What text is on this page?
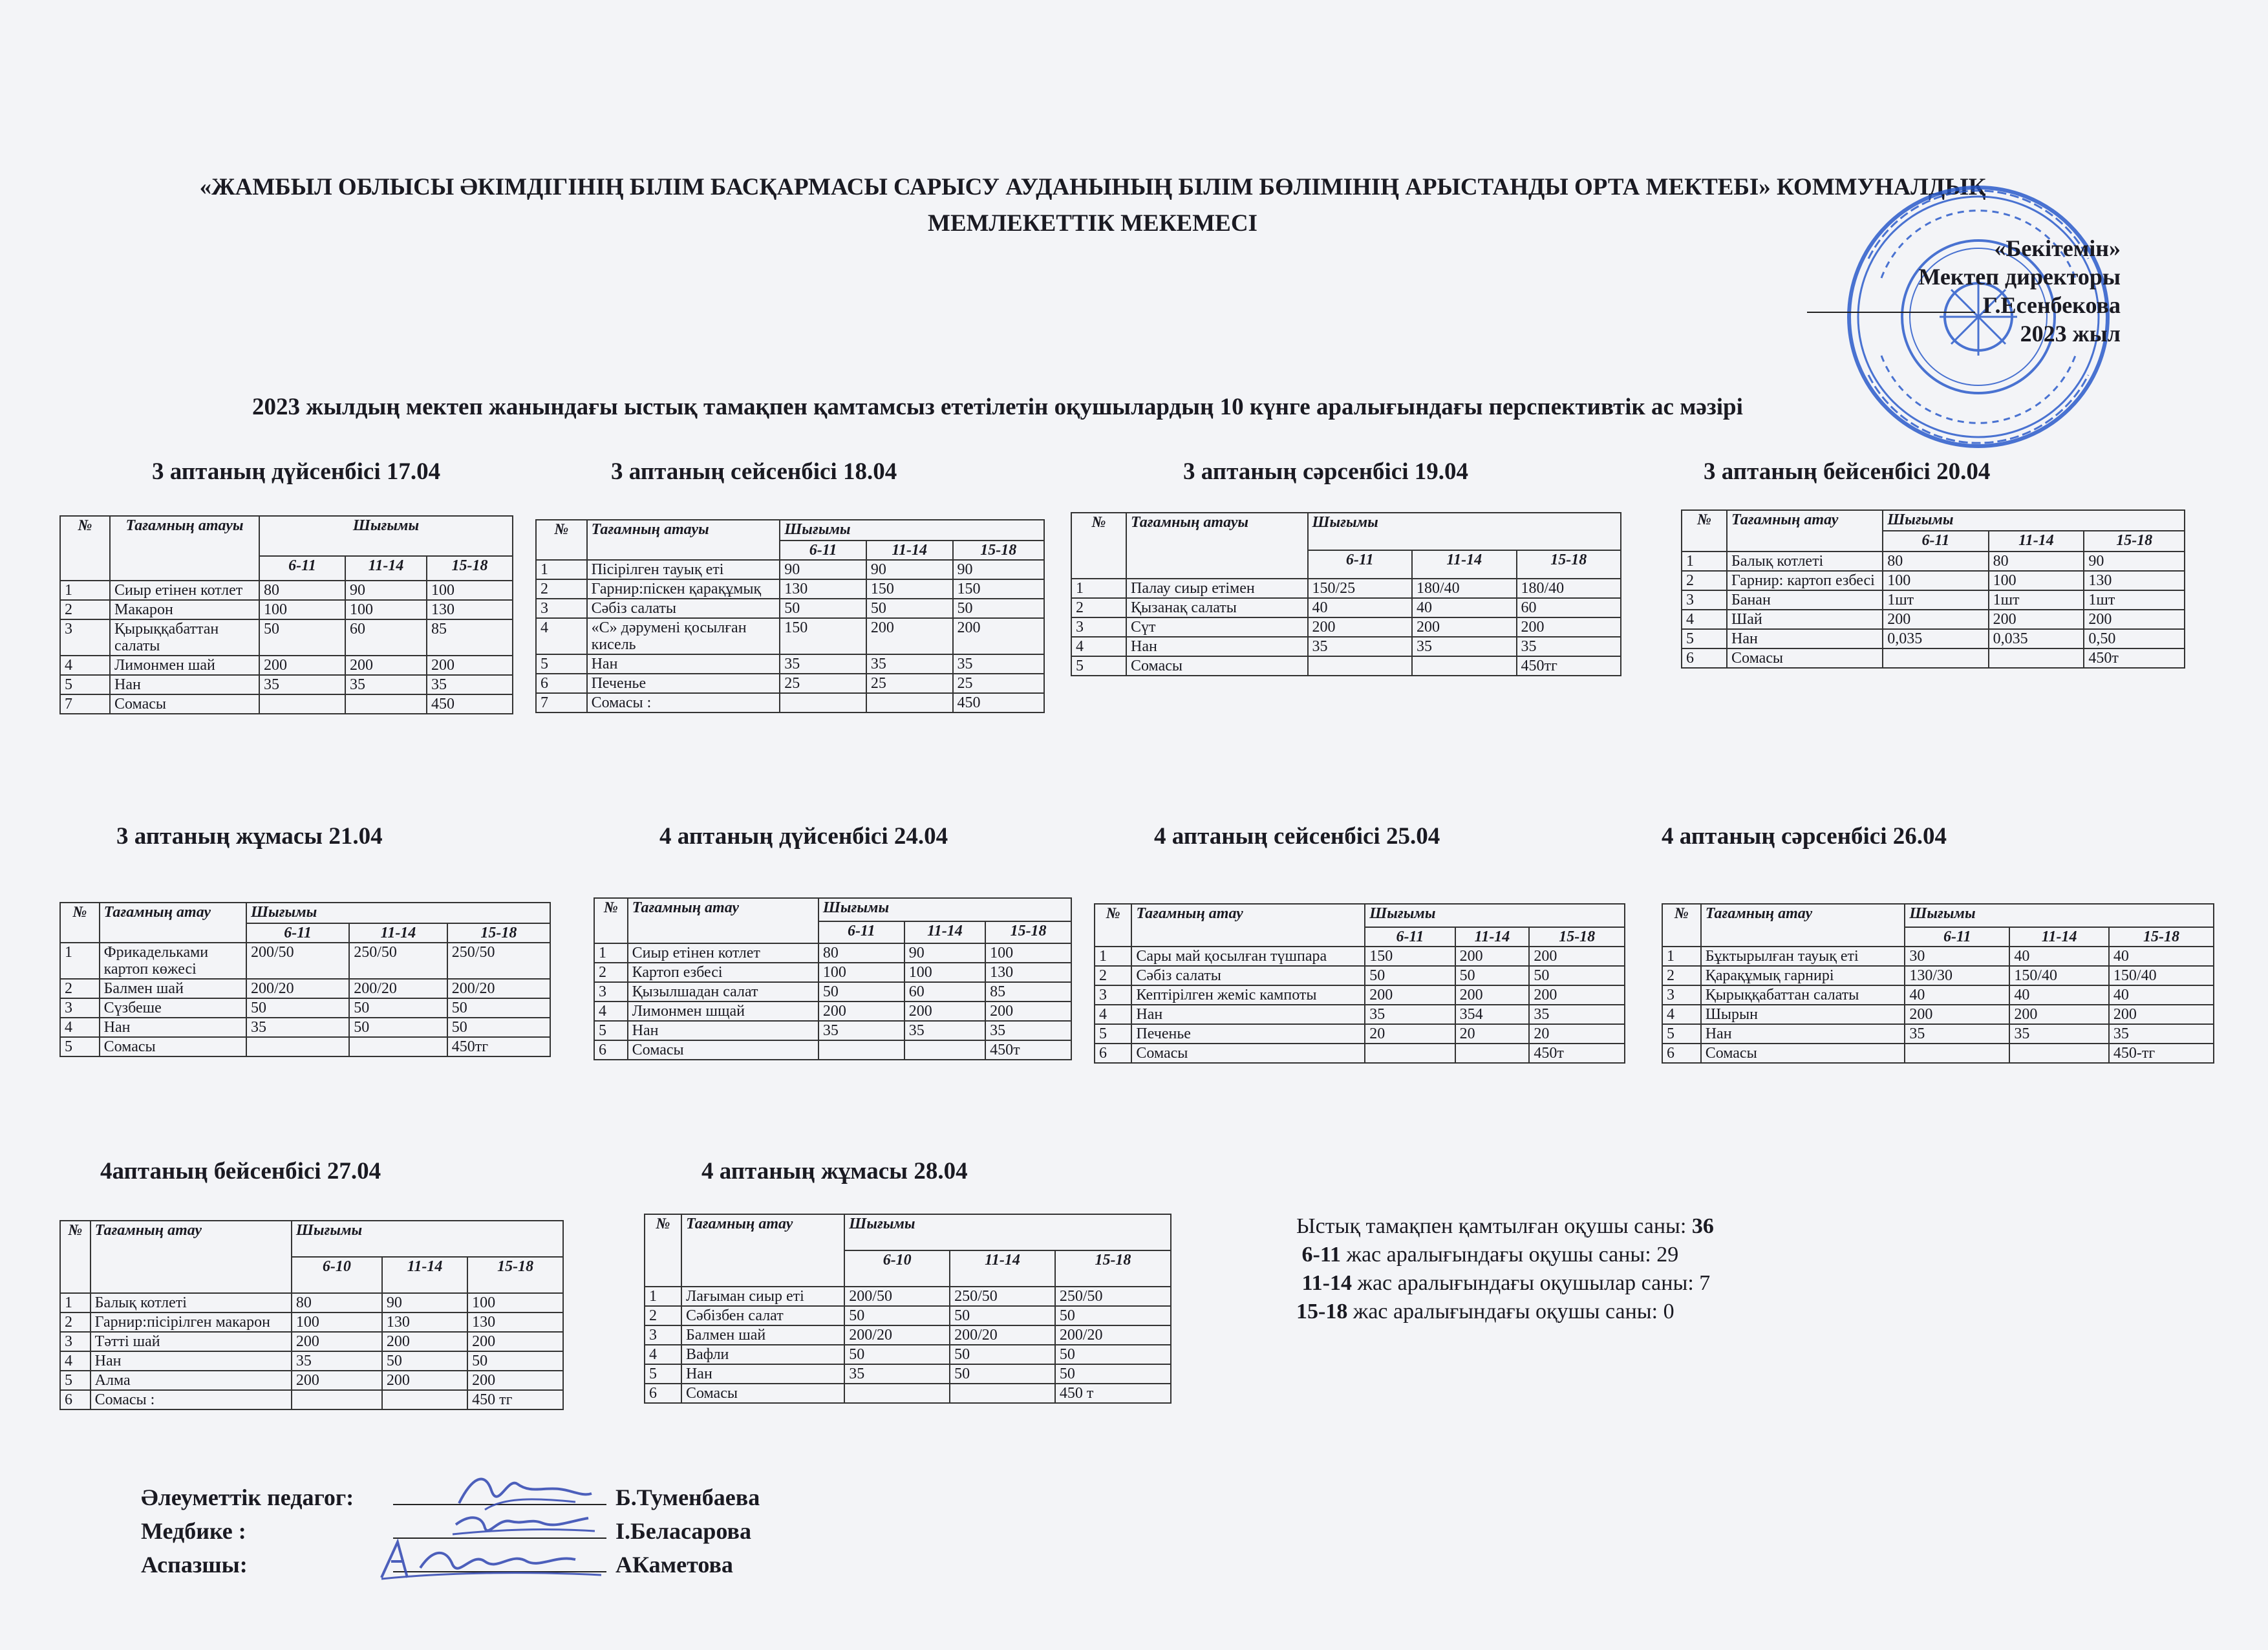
«ЖАМБЫЛ ОБЛЫСЫ ӘКІМДІГІНІҢ БІЛІМ БАСҚАРМАСЫ САРЫСУ АУДАНЫНЫҢ БІЛІМ БӨЛІМІНІҢ АРЫСТАНДЫ ОРТА МЕКТЕБІ» КОММУНАЛДЫҚ
МЕМЛЕКЕТТІК МЕКЕМЕСІ
«Бекітемін»
Мектеп директоры
Г.Есенбекова
2023 жыл
2023 жылдың мектеп жанындағы ыстық тамақпен қамтамсыз ететілетін оқушылардың 10 күнге аралығындағы перспективтік ас мәзірі
3 аптаның дүйсенбісі 17.04	3 аптаның сейсенбісі 18.04	3 аптаның сәрсенбісі 19.04	3 аптаның бейсенбісі 20.04
3 аптаның жұмасы 21.04	4 аптаның дүйсенбісі 24.04	4 аптаның сейсенбісі 25.04	4 аптаның сәрсенбісі 26.04
4аптаның бейсенбісі 27.04	4 аптаның жұмасы 28.04
№	Тағамның атауы	Шығымы		
		6-11	11-14	15-18
1	Сиыр етінен котлет	80	90	100
2	Макарон	100	100	130
3	Қырыққабаттан салаты	50	60	85
4	Лимонмен шай	200	200	200
5	Нан	35	35	35
7	Сомасы			450
№	Тағамның атауы	Шығымы		
		6-11	11-14	15-18
1	Пісірілген тауық еті	90	90	90
2	Гарнир:піскен қарақұмық	130	150	150
3	Сәбіз салаты	50	50	50
4	«С» дәрумені қосылған кисель	150	200	200
5	Нан	35	35	35
6	Печенье	25	25	25
7	Сомасы :			450
№	Тағамның атауы	Шығымы		
		6-11	11-14	15-18
1	Палау сиыр етімен	150/25	180/40	180/40
2	Қызанақ салаты	40	40	60
3	Сүт	200	200	200
4	Нан	35	35	35
5	Сомасы			450тг
№	Тағамның атау	Шығымы		
		6-11	11-14	15-18
1	Балық котлеті	80	80	90
2	Гарнир: картоп езбесі	100	100	130
3	Банан	1шт	1шт	1шт
4	Шай	200	200	200
5	Нан	0,035	0,035	0,50
6	Сомасы			450т
№	Тағамның атау	Шығымы		
		6-11	11-14	15-18
1	Фрикадельками картоп көжесі	200/50	250/50	250/50
2	Балмен шай	200/20	200/20	200/20
3	Сүзбеше	50	50	50
4	Нан	35	50	50
5	Сомасы			450тг
№	Тағамның атау	Шығымы		
		6-11	11-14	15-18
1	Сиыр етінен котлет	80	90	100
2	Картоп езбесі	100	100	130
3	Қызылшадан салат	50	60	85
4	Лимонмен шщай	200	200	200
5	Нан	35	35	35
6	Сомасы			450т
№	Тағамның атау	Шығымы		
		6-11	11-14	15-18
1	Сары май қосылған түшпара	150	200	200
2	Сәбіз салаты	50	50	50
3	Кептірілген жеміс кампоты	200	200	200
4	Нан	35	354	35
5	Печенье	20	20	20
6	Сомасы			450т
№	Тағамның атау	Шығымы		
		6-11	11-14	15-18
1	Бұктырылған тауық еті	30	40	40
2	Қарақұмық гарнирі	130/30	150/40	150/40
3	Қырыққабаттан салаты	40	40	40
4	Шырын	200	200	200
5	Нан	35	35	35
6	Сомасы			450-тг
№	Тағамның атау	Шығымы		
		6-10	11-14	15-18
1	Балық котлеті	80	90	100
2	Гарнир:пісірілген макарон	100	130	130
3	Тәтті шай	200	200	200
4	Нан	35	50	50
5	Алма	200	200	200
6	Сомасы :			450 тг
№	Тағамның атау	Шығымы		
		6-10	11-14	15-18
1	Лағыман сиыр еті	200/50	250/50	250/50
2	Сәбізбен салат	50	50	50
3	Балмен шай	200/20	200/20	200/20
4	Вафли	50	50	50
5	Нан	35	50	50
6	Сомасы			450 т
Ыстық тамақпен қамтылған оқушы саны: 36
6-11 жас аралығындағы оқушы саны: 29
11-14 жас аралығындағы оқушылар саны: 7
15-18 жас аралығындағы оқушы саны: 0
Әлеуметтік педагог:	Б.Туменбаева
Медбике :	І.Беласарова
Аспазшы:	АКаметова
